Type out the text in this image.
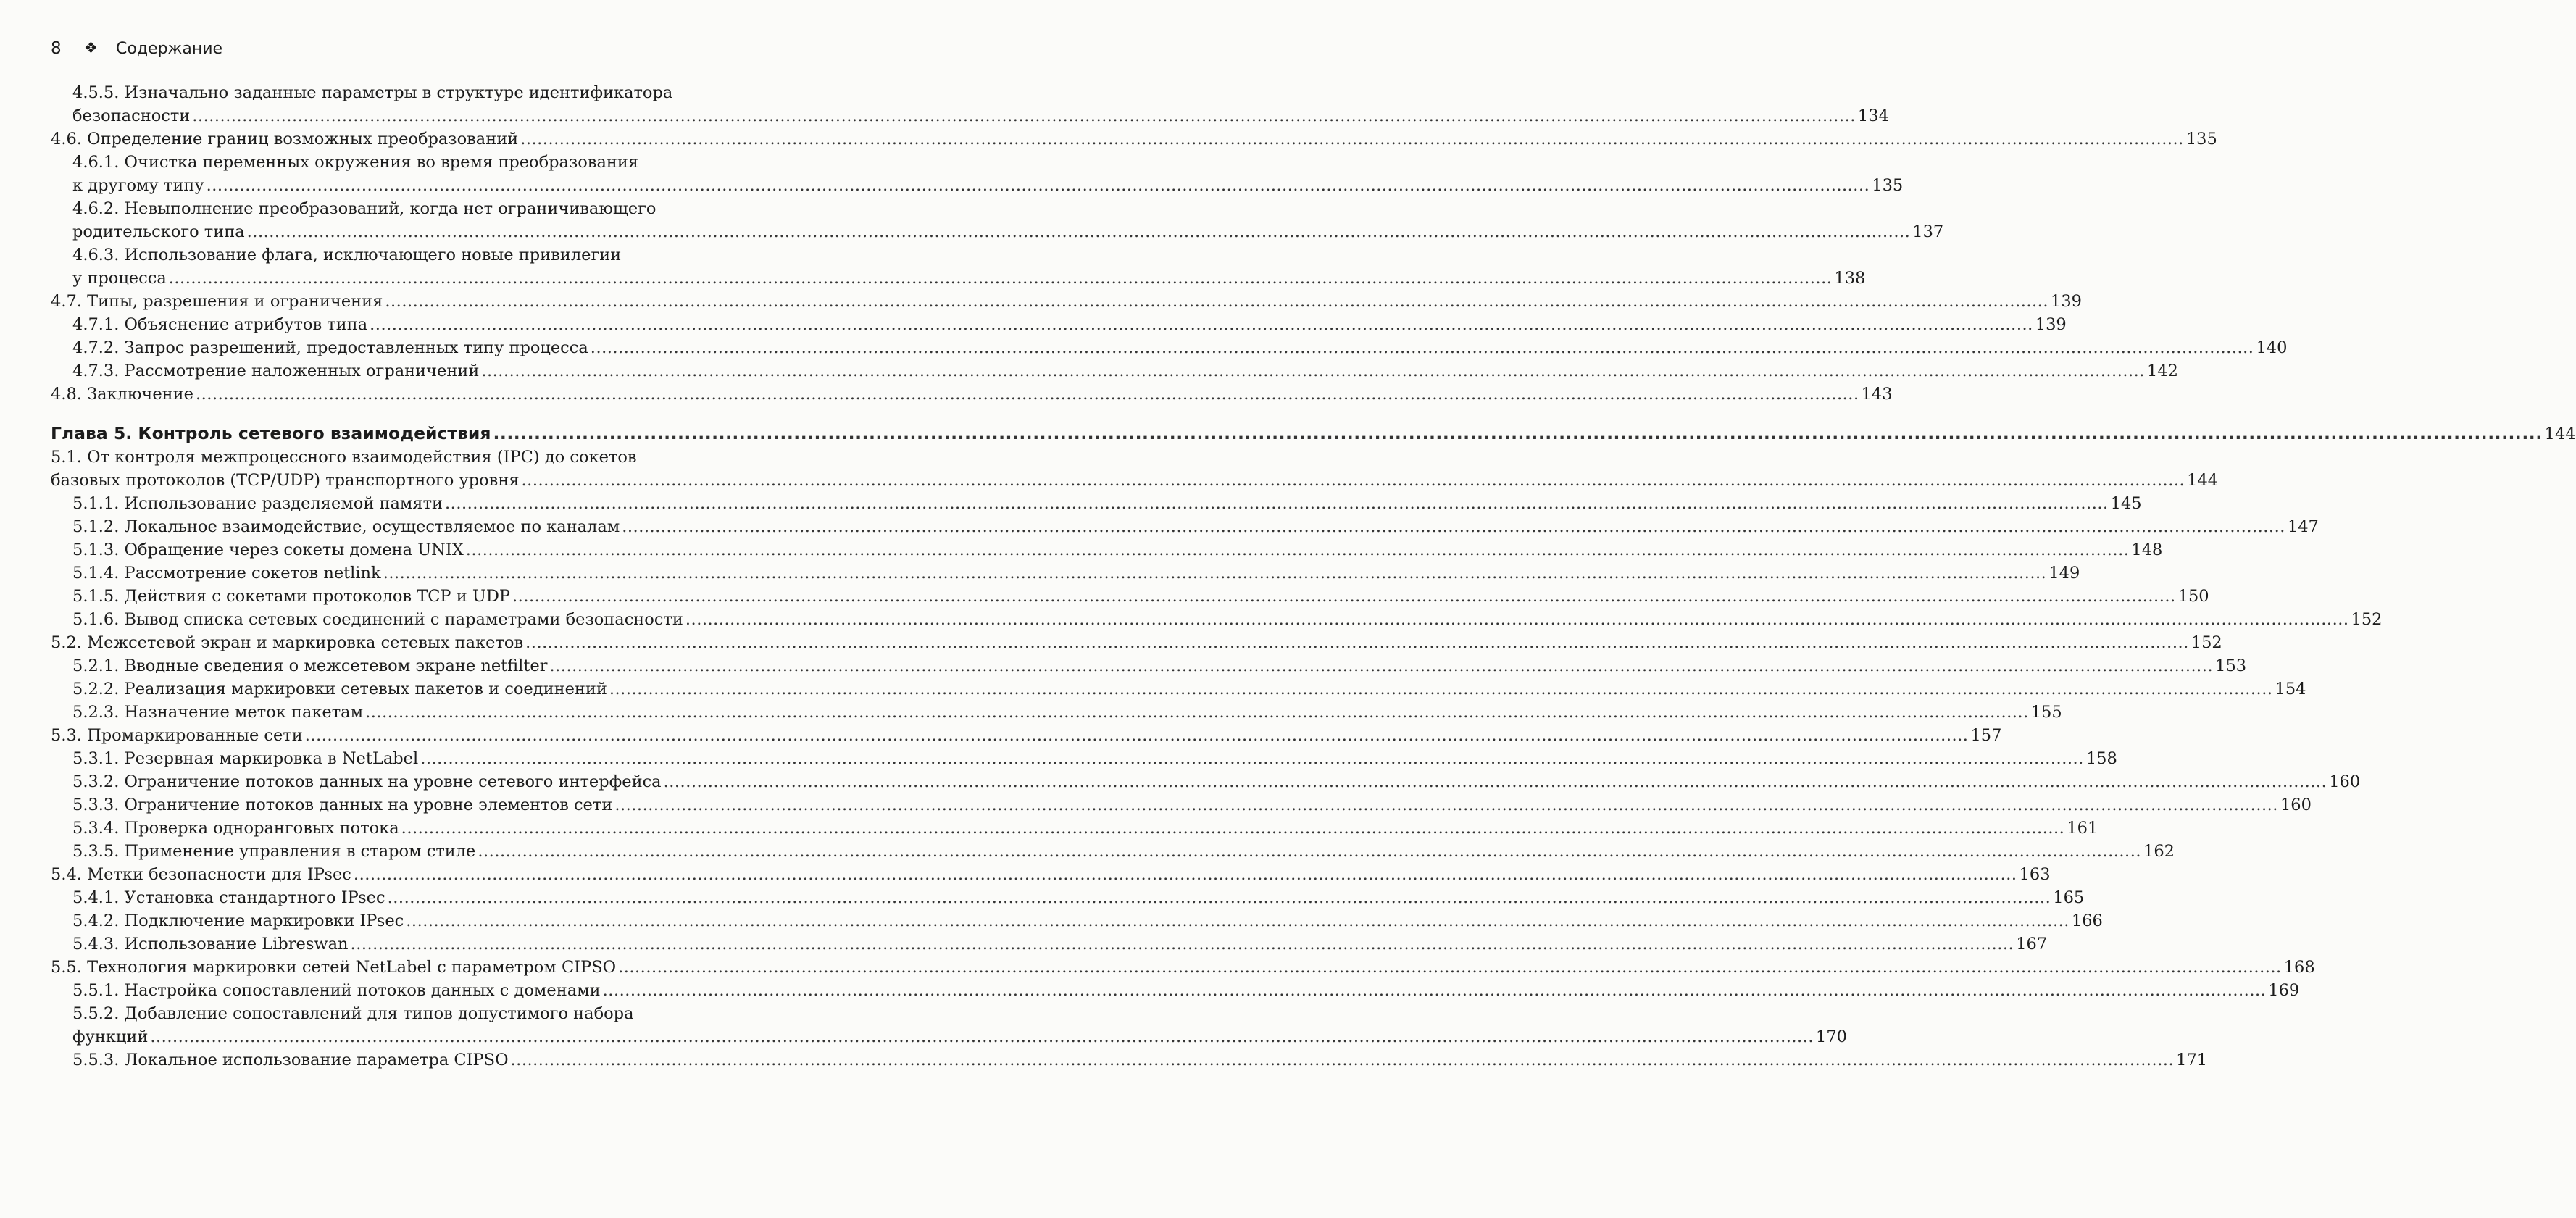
8 ❖ Содержание
4.5.5. Изначально заданные параметры в структуре идентификатора
безопасности ............................................................................................................................................................................................................................................................................................................ 134
4.6. Определение границ возможных преобразований ............................................................................................................................................................................................................................................................................................................ 135
4.6.1. Очистка переменных окружения во время преобразования
к другому типу ............................................................................................................................................................................................................................................................................................................ 135
4.6.2. Невыполнение преобразований, когда нет ограничивающего
родительского типа ............................................................................................................................................................................................................................................................................................................ 137
4.6.3. Использование флага, исключающего новые привилегии
у процесса ............................................................................................................................................................................................................................................................................................................ 138
4.7. Типы, разрешения и ограничения ............................................................................................................................................................................................................................................................................................................ 139
4.7.1. Объяснение атрибутов типа ............................................................................................................................................................................................................................................................................................................ 139
4.7.2. Запрос разрешений, предоставленных типу процесса ............................................................................................................................................................................................................................................................................................................ 140
4.7.3. Рассмотрение наложенных ограничений ............................................................................................................................................................................................................................................................................................................ 142
4.8. Заключение ............................................................................................................................................................................................................................................................................................................ 143
Глава 5. Контроль сетевого взаимодействия ............................................................................................................................................................................................................................................................................................................ 144
5.1. От контроля межпроцессного взаимодействия (IPC) до сокетов
базовых протоколов (TCP/UDP) транспортного уровня ............................................................................................................................................................................................................................................................................................................ 144
5.1.1. Использование разделяемой памяти ............................................................................................................................................................................................................................................................................................................ 145
5.1.2. Локальное взаимодействие, осуществляемое по каналам ............................................................................................................................................................................................................................................................................................................ 147
5.1.3. Обращение через сокеты домена UNIX ............................................................................................................................................................................................................................................................................................................ 148
5.1.4. Рассмотрение сокетов netlink ............................................................................................................................................................................................................................................................................................................ 149
5.1.5. Действия с сокетами протоколов TCP и UDP ............................................................................................................................................................................................................................................................................................................ 150
5.1.6. Вывод списка сетевых соединений с параметрами безопасности ............................................................................................................................................................................................................................................................................................................ 152
5.2. Межсетевой экран и маркировка сетевых пакетов ............................................................................................................................................................................................................................................................................................................ 152
5.2.1. Вводные сведения о межсетевом экране netfilter ............................................................................................................................................................................................................................................................................................................ 153
5.2.2. Реализация маркировки сетевых пакетов и соединений ............................................................................................................................................................................................................................................................................................................ 154
5.2.3. Назначение меток пакетам ............................................................................................................................................................................................................................................................................................................ 155
5.3. Промаркированные сети ............................................................................................................................................................................................................................................................................................................ 157
5.3.1. Резервная маркировка в NetLabel ............................................................................................................................................................................................................................................................................................................ 158
5.3.2. Ограничение потоков данных на уровне сетевого интерфейса ............................................................................................................................................................................................................................................................................................................ 160
5.3.3. Ограничение потоков данных на уровне элементов сети ............................................................................................................................................................................................................................................................................................................ 160
5.3.4. Проверка одноранговых потока ............................................................................................................................................................................................................................................................................................................ 161
5.3.5. Применение управления в старом стиле ............................................................................................................................................................................................................................................................................................................ 162
5.4. Метки безопасности для IPsec ............................................................................................................................................................................................................................................................................................................ 163
5.4.1. Установка стандартного IPsec ............................................................................................................................................................................................................................................................................................................ 165
5.4.2. Подключение маркировки IPsec ............................................................................................................................................................................................................................................................................................................ 166
5.4.3. Использование Libreswan ............................................................................................................................................................................................................................................................................................................ 167
5.5. Технология маркировки сетей NetLabel с параметром CIPSO ............................................................................................................................................................................................................................................................................................................ 168
5.5.1. Настройка сопоставлений потоков данных с доменами ............................................................................................................................................................................................................................................................................................................ 169
5.5.2. Добавление сопоставлений для типов допустимого набора
функций ............................................................................................................................................................................................................................................................................................................ 170
5.5.3. Локальное использование параметра CIPSO ............................................................................................................................................................................................................................................................................................................ 171
